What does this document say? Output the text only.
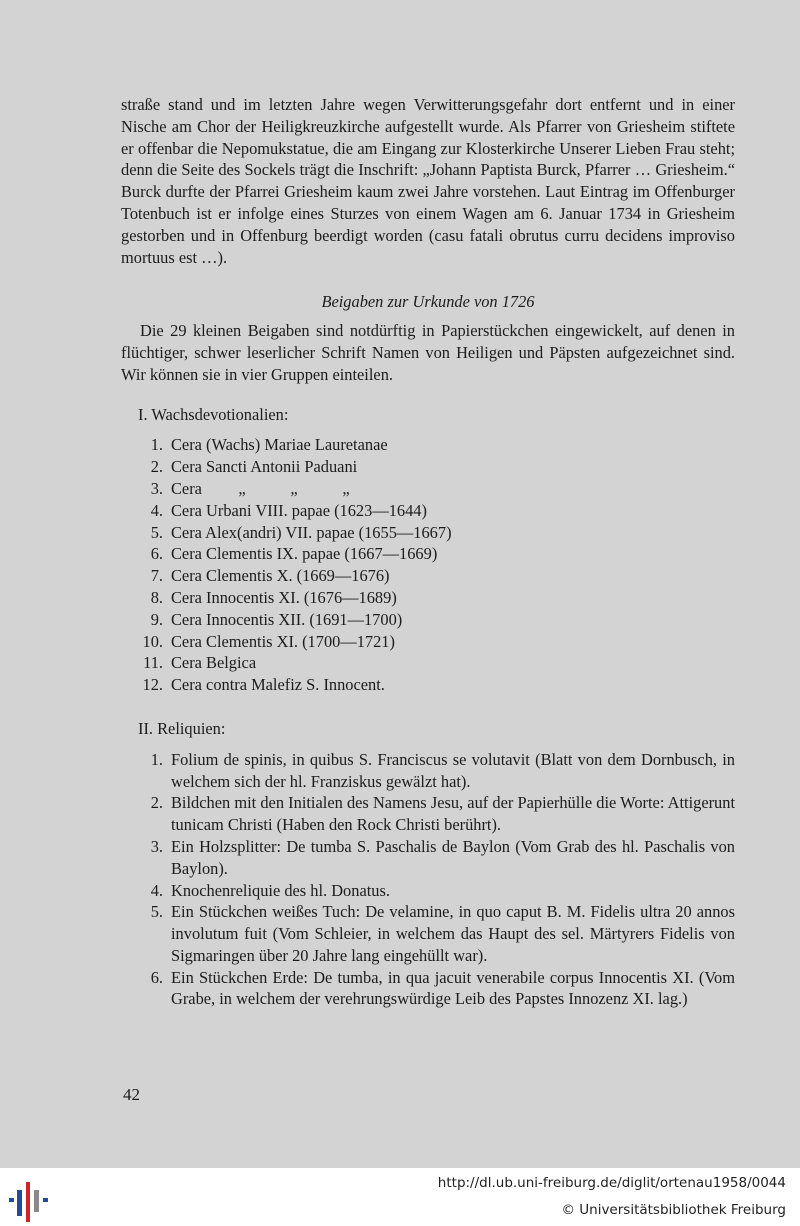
straße stand und im letzten Jahre wegen Verwitterungsgefahr dort entfernt und in einer Nische am Chor der Heiligkreuzkirche aufgestellt wurde. Als Pfarrer von Griesheim stiftete er offenbar die Nepomukstatue, die am Eingang zur Klosterkirche Unserer Lieben Frau steht; denn die Seite des Sockels trägt die Inschrift: „Johann Paptista Burck, Pfarrer … Griesheim.“ Burck durfte der Pfarrei Griesheim kaum zwei Jahre vorstehen. Laut Eintrag im Offenburger Totenbuch ist er infolge eines Sturzes von einem Wagen am 6. Januar 1734 in Griesheim gestorben und in Offenburg beerdigt worden (casu fatali obrutus curru decidens improviso mortuus est …).

Beigaben zur Urkunde von 1726

Die 29 kleinen Beigaben sind notdürftig in Papierstückchen eingewickelt, auf denen in flüchtiger, schwer leserlicher Schrift Namen von Heiligen und Päpsten aufgezeichnet sind. Wir können sie in vier Gruppen einteilen.

I. Wachsdevotionalien:
1. Cera (Wachs) Mariae Lauretanae
2. Cera Sancti Antonii Paduani
3. Cera „	„	„
4. Cera Urbani VIII. papae (1623—1644)
5. Cera Alex(andri) VII. papae (1655—1667)
6. Cera Clementis IX. papae (1667—1669)
7. Cera Clementis X. (1669—1676)
8. Cera Innocentis XI. (1676—1689)
9. Cera Innocentis XII. (1691—1700)
10. Cera Clementis XI. (1700—1721)
11. Cera Belgica
12. Cera contra Malefiz S. Innocent.
II. Reliquien:
1. Folium de spinis, in quibus S. Franciscus se volutavit (Blatt von dem Dornbusch, in welchem sich der hl. Franziskus gewälzt hat).
2. Bildchen mit den Initialen des Namens Jesu, auf der Papierhülle die Worte: Attigerunt tunicam Christi (Haben den Rock Christi berührt).
3. Ein Holzsplitter: De tumba S. Paschalis de Baylon (Vom Grab des hl. Paschalis von Baylon).
4. Knochenreliquie des hl. Donatus.
5. Ein Stückchen weißes Tuch: De velamine, in quo caput B. M. Fidelis ultra 20 annos involutum fuit (Vom Schleier, in welchem das Haupt des sel. Märtyrers Fidelis von Sigmaringen über 20 Jahre lang eingehüllt war).
6. Ein Stückchen Erde: De tumba, in qua jacuit venerabile corpus Innocentis XI. (Vom Grabe, in welchem der verehrungswürdige Leib des Papstes Innozenz XI. lag.)
42
http://dl.ub.uni-freiburg.de/diglit/ortenau1958/0044
© Universitätsbibliothek Freiburg
